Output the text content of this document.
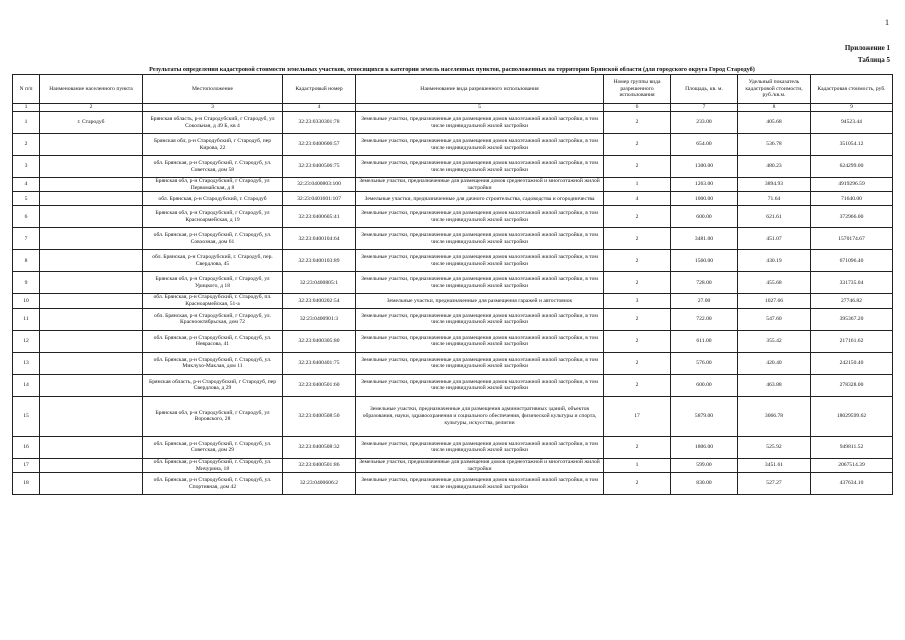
1
Приложение 1
Таблица 5
Результаты определения кадастровой стоимости земельных участков, относящихся к категории земель населенных пунктов, расположенных на территории Брянской области (для городского округа Город Стародуб)
N п/п	Наименование населенного пункта	Местоположение	Кадастровый номер	Наименование вида разрешенного использования	Номер группы вида разрешенного использования	Площадь, кв. м.	Удельный показатель кадастровой стоимости, руб./кв.м.	Кадастровая стоимость, руб.
1	2	3	4	5	6	7	8	9
1	г. Стародуб	Брянская область, р-н Стародубский, г Стародуб, ул Сокольная, д 49 Б, кв 4	32:23:0330301:78	Земельные участки, предназначенные для размещения домов малоэтажной жилой застройки, в том числе индивидуальной жилой застройки	2	233.00	405.68	94523.44
2		Брянская обл, р-н Стародубский, г Стародуб, пер Кирова, 22	32:23:0400606:57	Земельные участки, предназначенные для размещения домов малоэтажной жилой застройки, в том числе индивидуальной жилой застройки	2	654.00	536.78	351054.12
3		обл. Брянская, р-н Стародубский, г. Стародуб, ул. Советская, дом 58	32:23:0400506:75	Земельные участки, предназначенные для размещения домов малоэтажной жилой застройки, в том числе индивидуальной жилой застройки	2	1300.00	480.23	624299.00
4		Брянская обл, р-н Стародубский, г Стародуб, ул Первомайская, д 8	32:23:0400803:100	Земельные участки, предназначенные для размещения домов среднеэтажной и многоэтажной жилой застройки	1	1263.00	3894.93	4919296.59
5		обл. Брянская, р-н Стародубский, г. Стародуб	32:23:0401601:107	Земельные участки, предназначенные для дачного строительства, садоводства и огородничества	4	1000.00	71.64	71640.00
6		Брянская обл, р-н Стародубский, г Стародуб, ул Красноармейская, д 19	32:23:0400605:41	Земельные участки, предназначенные для размещения домов малоэтажной жилой застройки, в том числе индивидуальной жилой застройки	2	600.00	621.61	372966.00
7		обл. Брянская, р-н Стародубский, г. Стародуб, ул. Совхозная, дом 61	32:23:0400104:64	Земельные участки, предназначенные для размещения домов малоэтажной жилой застройки, в том числе индивидуальной жилой застройки	2	3481.00	451.07	1570174.67
8		обл. Брянская, р-н Стародубский, г. Стародуб, пер. Свердлова, 45	32:23:0400103:89	Земельные участки, предназначенные для размещения домов малоэтажной жилой застройки, в том числе индивидуальной жилой застройки	2	1560.00	430.19	671096.40
9		Брянская обл, р-н Стародубский, г Стародуб, ул Урицкого, д 18	32:23:0400805:1	Земельные участки, предназначенные для размещения домов малоэтажной жилой застройки, в том числе индивидуальной жилой застройки	2	728.00	455.68	331735.04
10		обл. Брянская, р-н Стародубский, г. Стародуб, пл. Красноармейская, 51-а	32:23:0400202:54	Земельные участки, предназначенные для размещения гаражей и автостоянок	3	27.00	1027.66	27746.82
11		обл. Брянская, р-н Стародубский, г Стародуб, ул. Краснооктябрьская, дом 72	32:23:0400901:3	Земельные участки, предназначенные для размещения домов малоэтажной жилой застройки, в том числе индивидуальной жилой застройки	2	722.00	547.60	395367.20
12		обл. Брянская, р-н Стародубский, г. Стародуб, ул. Неврасова, 41	32:23:0400305:80	Земельные участки, предназначенные для размещения домов малоэтажной жилой застройки, в том числе индивидуальной жилой застройки	2	611.00	355.42	217161.62
13		обл. Брянская, р-н Стародубский, г. Стародуб, ул. Миклухо-Маклая, дом 11	32:23:0400401:75	Земельные участки, предназначенные для размещения домов малоэтажной жилой застройки, в том числе индивидуальной жилой застройки	2	576.00	420.40	242150.40
14		Брянская область, р-н Стародубский, г Стародуб, пер Свердлова, д 29	32:23:0400501:60	Земельные участки, предназначенные для размещения домов малоэтажной жилой застройки, в том числе индивидуальной жилой застройки	2	600.00	463.88	278328.00
15		Брянская обл, р-н Стародубский, г Стародуб, ул Воровского, 28	32:23:0400508:50	Земельные участки, предназначенные для размещения административных зданий, объектов образования, науки, здравоохранения и социального обеспечения, физической культуры и спорта, культуры, искусства, религии	17	5879.00	3066.78	18029599.62
16		обл. Брянская, р-н Стародубский, г. Стародуб, ул. Советская, дом 29	32:23:0400508:32	Земельные участки, предназначенные для размещения домов малоэтажной жилой застройки, в том числе индивидуальной жилой застройки	2	1806.00	525.92	949811.52
17		обл. Брянская, р-н Стародубский, г. Стародуб, ул. Мичурина, 18	32:23:0400501:86	Земельные участки, предназначенные для размещения домов среднеэтажной и многоэтажной жилой застройки	1	599.00	3451.61	2067514.39
18		обл. Брянская, р-н Стародубский, г. Стародуб, ул. Спортивная, дом 42	32:23:0400606:2	Земельные участки, предназначенные для размещения домов малоэтажной жилой застройки, в том числе индивидуальной жилой застройки	2	830.00	527.27	437634.10
